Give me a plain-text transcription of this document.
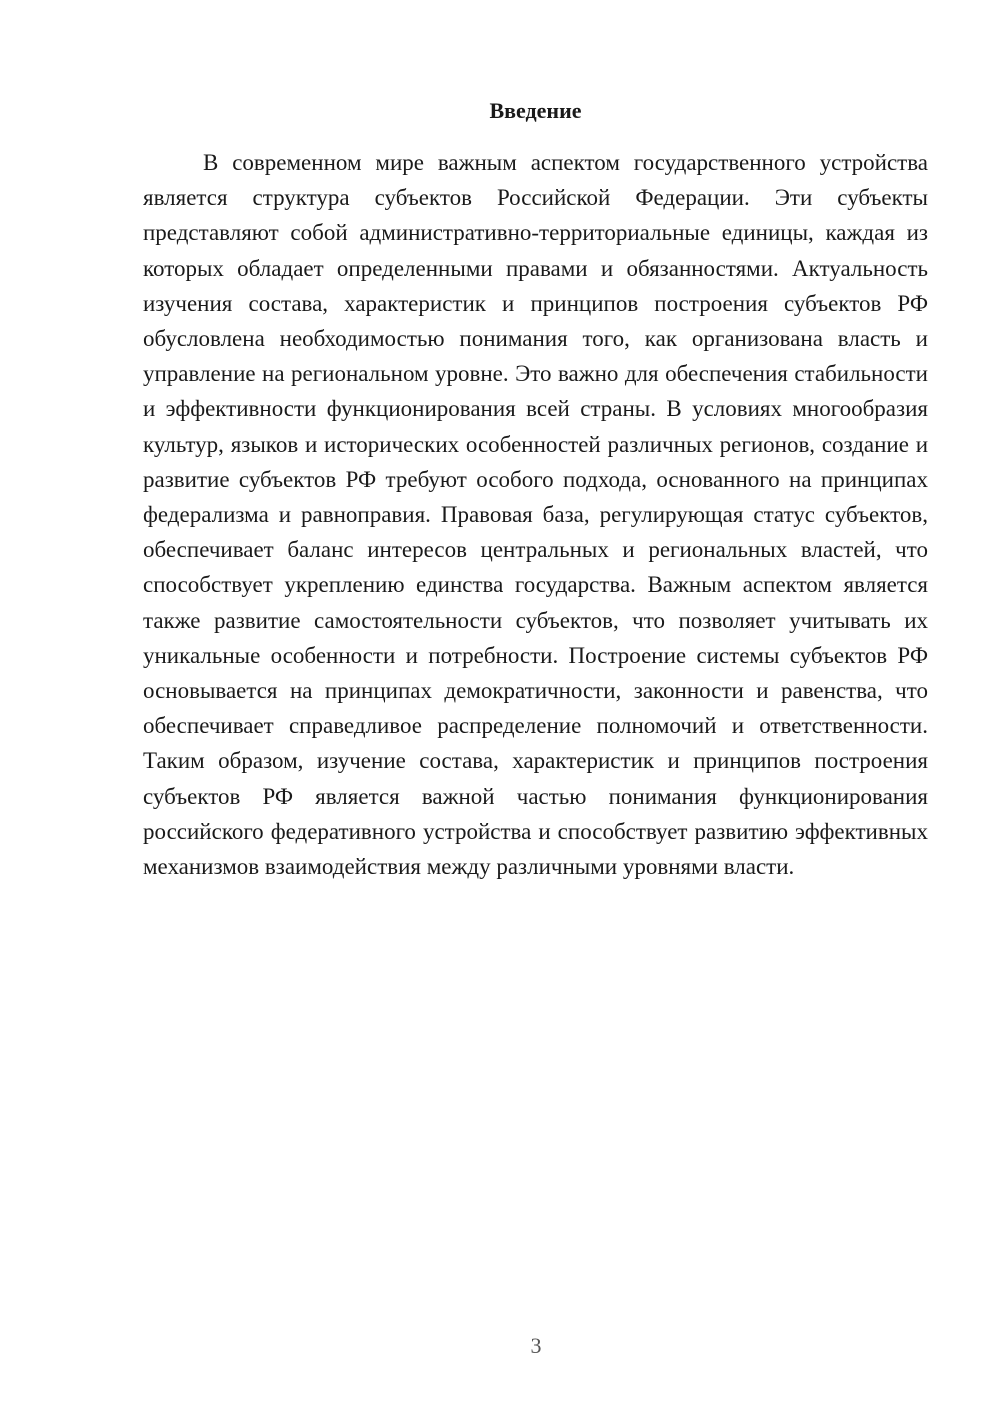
Введение

В современном мире важным аспектом государственного устройства является структура субъектов Российской Федерации. Эти субъекты представляют собой административно-территориальные единицы, каждая из которых обладает определенными правами и обязанностями. Актуальность изучения состава, характеристик и принципов построения субъектов РФ обусловлена необходимостью понимания того, как организована власть и управление на региональном уровне. Это важно для обеспечения стабильности и эффективности функционирования всей страны. В условиях многообразия культур, языков и исторических особенностей различных регионов, создание и развитие субъектов РФ требуют особого подхода, основанного на принципах федерализма и равноправия. Правовая база, регулирующая статус субъектов, обеспечивает баланс интересов центральных и региональных властей, что способствует укреплению единства государства. Важным аспектом является также развитие самостоятельности субъектов, что позволяет учитывать их уникальные особенности и потребности. Построение системы субъектов РФ основывается на принципах демократичности, законности и равенства, что обеспечивает справедливое распределение полномочий и ответственности. Таким образом, изучение состава, характеристик и принципов построения субъектов РФ является важной частью понимания функционирования российского федеративного устройства и способствует развитию эффективных механизмов взаимодействия между различными уровнями власти.

3
